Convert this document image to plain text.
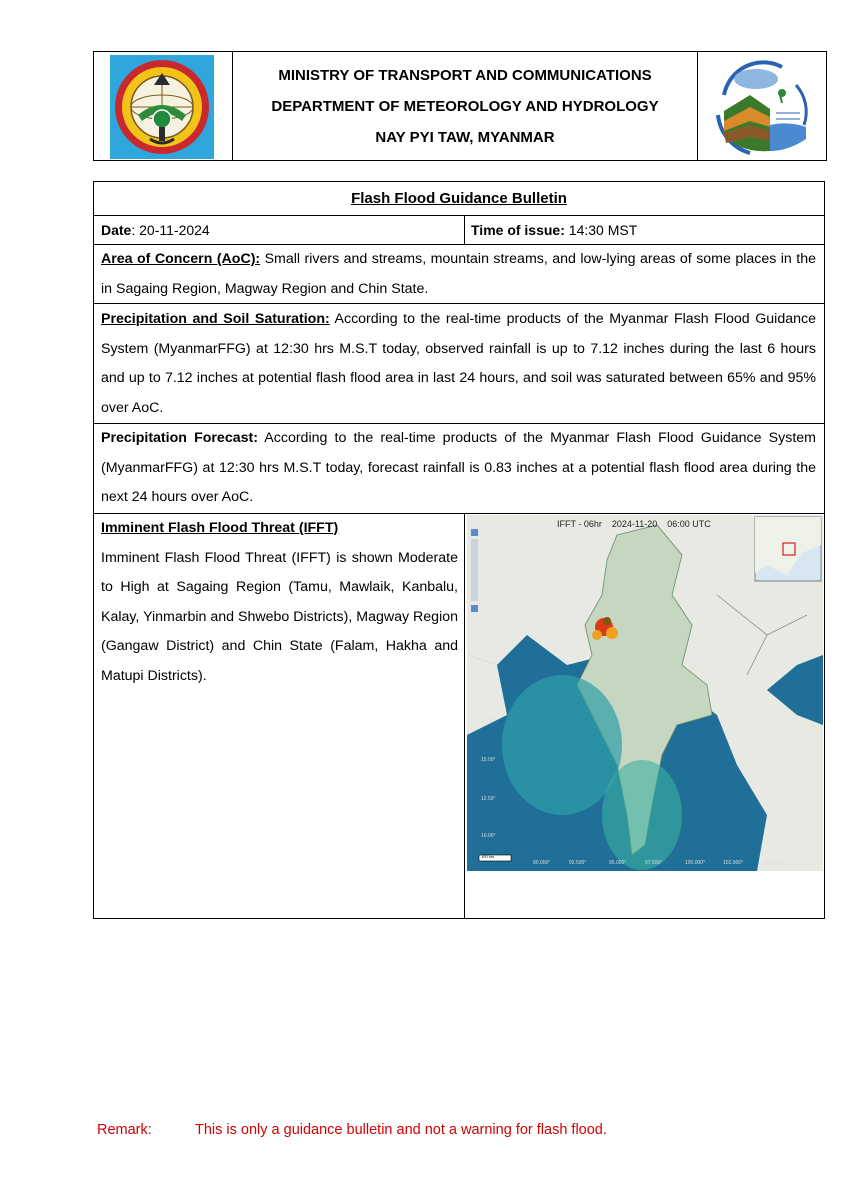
MINISTRY OF TRANSPORT AND COMMUNICATIONS
DEPARTMENT OF METEOROLOGY AND HYDROLOGY
NAY PYI TAW, MYANMAR
Flash Flood Guidance Bulletin
Date: 20-11-2024	Time of issue: 14:30 MST
Area of Concern (AoC): Small rivers and streams, mountain streams, and low-lying areas of some places in the in Sagaing Region, Magway Region and Chin State.
Precipitation and Soil Saturation: According to the real-time products of the Myanmar Flash Flood Guidance System (MyanmarFFG) at 12:30 hrs M.S.T today, observed rainfall is up to 7.12 inches during the last 6 hours and up to 7.12 inches at potential flash flood area in last 24 hours, and soil was saturated between 65% and 95% over AoC.
Precipitation Forecast: According to the real-time products of the Myanmar Flash Flood Guidance System (MyanmarFFG) at 12:30 hrs M.S.T today, forecast rainfall is 0.83 inches at a potential flash flood area during the next 24 hours over AoC.
Imminent Flash Flood Threat (IFFT)
Imminent Flash Flood Threat (IFFT) is shown Moderate to High at Sagaing Region (Tamu, Mawlaik, Kanbalu, Kalay, Yinmarbin and Shwebo Districts), Magway Region (Gangaw District) and Chin State (Falam, Hakha and Matupi Districts).
IFFT - 06hr 2024-11-20 06:00 UTC
17.50°
15.00°
12.50°
10.00°
100 km
90.000°	92.500°	95.000°	97.500°	100.000°	102.500°	105.000°
Remark:	This is only a guidance bulletin and not a warning for flash flood.
